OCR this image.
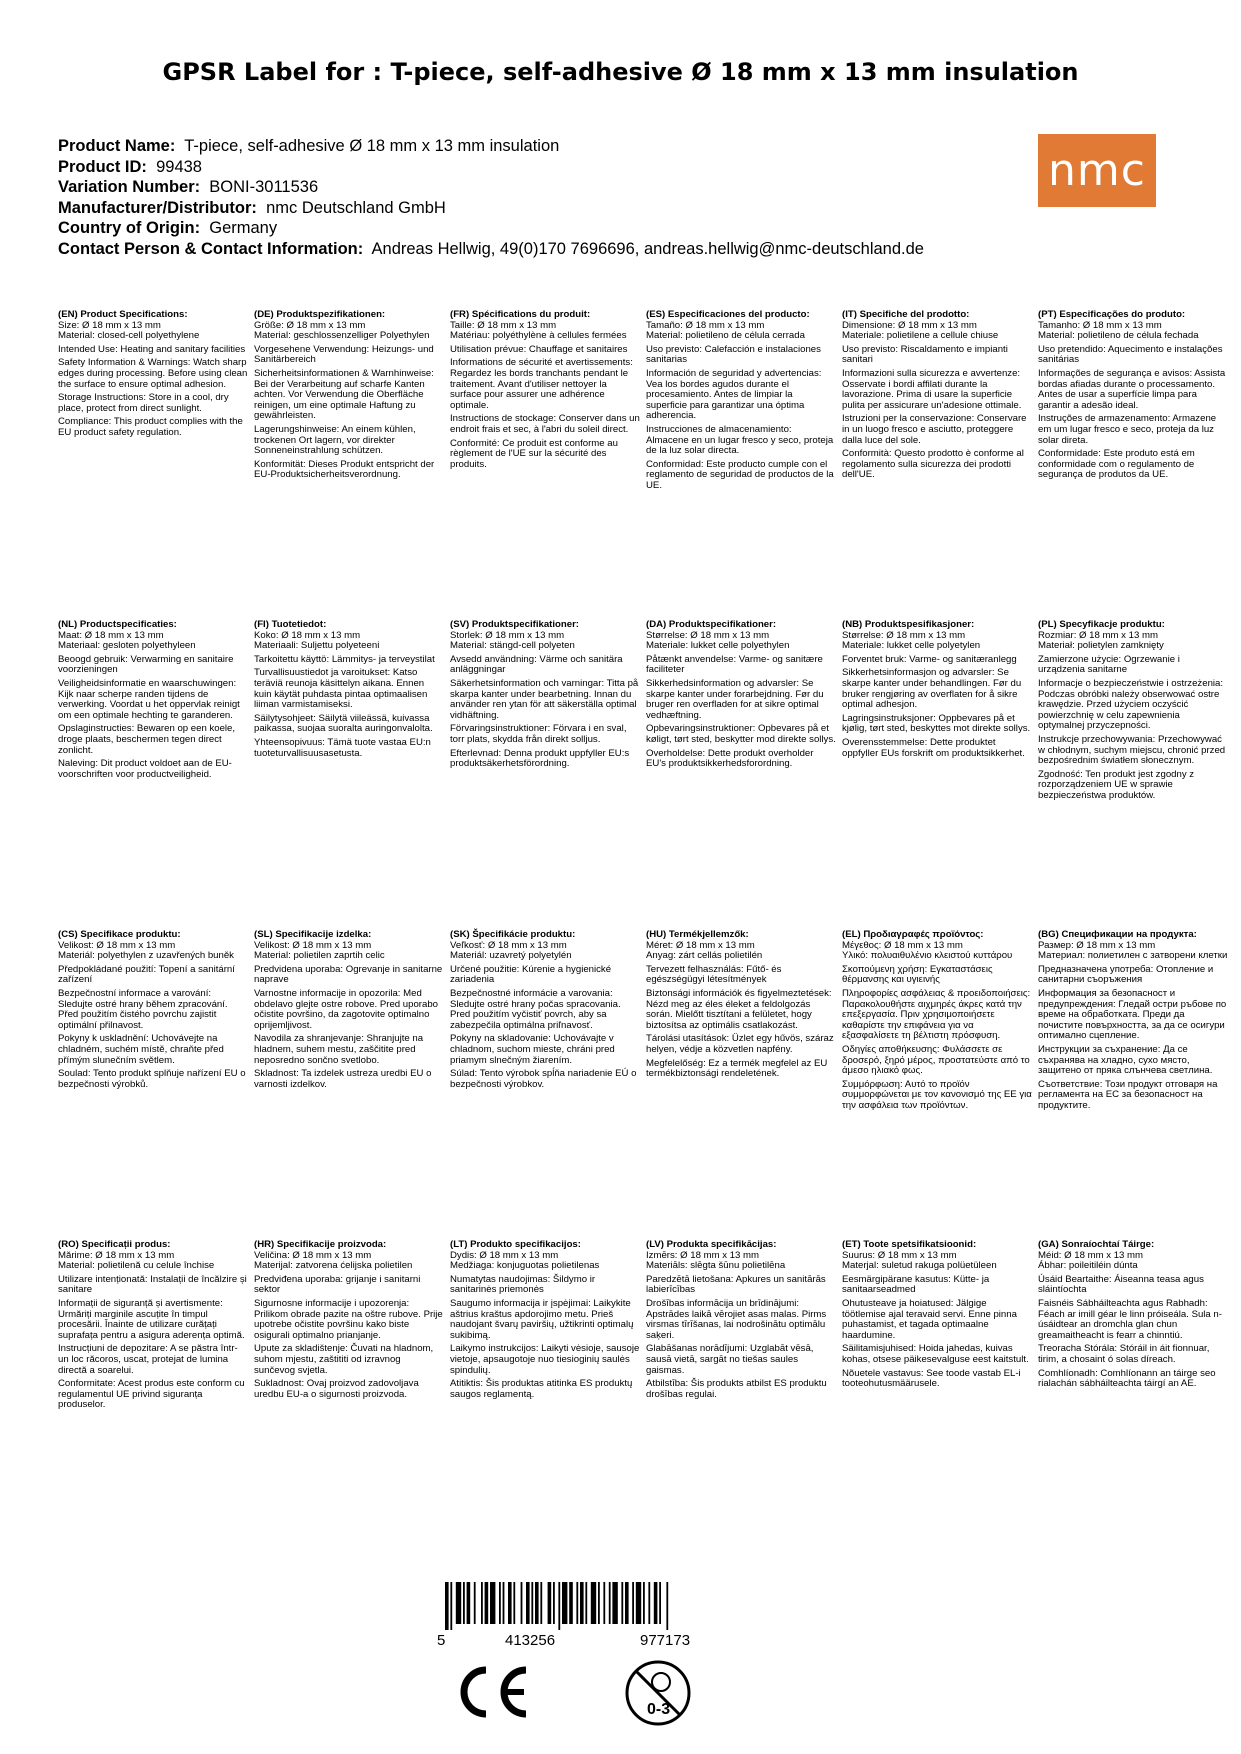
GPSR Label for : T-piece, self-adhesive Ø 18 mm x 13 mm insulation
Product Name: T-piece, self-adhesive Ø 18 mm x 13 mm insulation
Product ID: 99438
Variation Number: BONI-3011536
Manufacturer/Distributor: nmc Deutschland GmbH
Country of Origin: Germany
Contact Person & Contact Information: Andreas Hellwig, 49(0)170 7696696, andreas.hellwig@nmc-deutschland.de
nmc
(EN) Product Specifications:
Size: Ø 18 mm x 13 mm
Material: closed-cell polyethylene
Intended Use: Heating and sanitary facilities
Safety Information & Warnings: Watch sharp edges during processing. Before using clean the surface to ensure optimal adhesion.
Storage Instructions: Store in a cool, dry place, protect from direct sunlight.
Compliance: This product complies with the EU product safety regulation.
(DE) Produktspezifikationen:
Größe: Ø 18 mm x 13 mm
Material: geschlossenzelliger Polyethylen
Vorgesehene Verwendung: Heizungs- und Sanitärbereich
Sicherheitsinformationen & Warnhinweise: Bei der Verarbeitung auf scharfe Kanten achten. Vor Verwendung die Oberfläche reinigen, um eine optimale Haftung zu gewährleisten.
Lagerungshinweise: An einem kühlen, trockenen Ort lagern, vor direkter Sonneneinstrahlung schützen.
Konformität: Dieses Produkt entspricht der EU-Produktsicherheitsverordnung.
(FR) Spécifications du produit:
Taille: Ø 18 mm x 13 mm
Matériau: polyéthylène à cellules fermées
Utilisation prévue: Chauffage et sanitaires
Informations de sécurité et avertissements: Regardez les bords tranchants pendant le traitement. Avant d'utiliser nettoyer la surface pour assurer une adhérence optimale.
Instructions de stockage: Conserver dans un endroit frais et sec, à l'abri du soleil direct.
Conformité: Ce produit est conforme au règlement de l'UE sur la sécurité des produits.
(ES) Especificaciones del producto:
Tamaño: Ø 18 mm x 13 mm
Material: polietileno de célula cerrada
Uso previsto: Calefacción e instalaciones sanitarias
Información de seguridad y advertencias: Vea los bordes agudos durante el procesamiento. Antes de limpiar la superficie para garantizar una óptima adherencia.
Instrucciones de almacenamiento: Almacene en un lugar fresco y seco, proteja de la luz solar directa.
Conformidad: Este producto cumple con el reglamento de seguridad de productos de la UE.
(IT) Specifiche del prodotto:
Dimensione: Ø 18 mm x 13 mm
Materiale: polietilene a cellule chiuse
Uso previsto: Riscaldamento e impianti sanitari
Informazioni sulla sicurezza e avvertenze: Osservate i bordi affilati durante la lavorazione. Prima di usare la superficie pulita per assicurare un'adesione ottimale.
Istruzioni per la conservazione: Conservare in un luogo fresco e asciutto, proteggere dalla luce del sole.
Conformità: Questo prodotto è conforme al regolamento sulla sicurezza dei prodotti dell'UE.
(PT) Especificações do produto:
Tamanho: Ø 18 mm x 13 mm
Material: polietileno de célula fechada
Uso pretendido: Aquecimento e instalações sanitárias
Informações de segurança e avisos: Assista bordas afiadas durante o processamento. Antes de usar a superfície limpa para garantir a adesão ideal.
Instruções de armazenamento: Armazene em um lugar fresco e seco, proteja da luz solar direta.
Conformidade: Este produto está em conformidade com o regulamento de segurança de produtos da UE.
(NL) Productspecificaties:
Maat: Ø 18 mm x 13 mm
Materiaal: gesloten polyethyleen
Beoogd gebruik: Verwarming en sanitaire voorzieningen
Veiligheidsinformatie en waarschuwingen: Kijk naar scherpe randen tijdens de verwerking. Voordat u het oppervlak reinigt om een optimale hechting te garanderen.
Opslaginstructies: Bewaren op een koele, droge plaats, beschermen tegen direct zonlicht.
Naleving: Dit product voldoet aan de EU-voorschriften voor productveiligheid.
(FI) Tuotetiedot:
Koko: Ø 18 mm x 13 mm
Materiaali: Suljettu polyeteeni
Tarkoitettu käyttö: Lämmitys- ja terveystilat
Turvallisuustiedot ja varoitukset: Katso teräviä reunoja käsittelyn aikana. Ennen kuin käytät puhdasta pintaa optimaalisen liiman varmistamiseksi.
Säilytysohjeet: Säilytä viileässä, kuivassa paikassa, suojaa suoralta auringonvalolta.
Yhteensopivuus: Tämä tuote vastaa EU:n tuoteturvallisuusasetusta.
(SV) Produktspecifikationer:
Storlek: Ø 18 mm x 13 mm
Material: stängd-cell polyeten
Avsedd användning: Värme och sanitära anläggningar
Säkerhetsinformation och varningar: Titta på skarpa kanter under bearbetning. Innan du använder ren ytan för att säkerställa optimal vidhäftning.
Förvaringsinstruktioner: Förvara i en sval, torr plats, skydda från direkt solljus.
Efterlevnad: Denna produkt uppfyller EU:s produktsäkerhetsförordning.
(DA) Produktspecifikationer:
Størrelse: Ø 18 mm x 13 mm
Materiale: lukket celle polyethylen
Påtænkt anvendelse: Varme- og sanitære faciliteter
Sikkerhedsinformation og advarsler: Se skarpe kanter under forarbejdning. Før du bruger ren overfladen for at sikre optimal vedhæftning.
Opbevaringsinstruktioner: Opbevares på et køligt, tørt sted, beskytter mod direkte sollys.
Overholdelse: Dette produkt overholder EU's produktsikkerhedsforordning.
(NB) Produktspesifikasjoner:
Størrelse: Ø 18 mm x 13 mm
Materiale: lukket celle polyetylen
Forventet bruk: Varme- og sanitæranlegg
Sikkerhetsinformasjon og advarsler: Se skarpe kanter under behandlingen. Før du bruker rengjøring av overflaten for å sikre optimal adhesjon.
Lagringsinstruksjoner: Oppbevares på et kjølig, tørt sted, beskyttes mot direkte sollys.
Overensstemmelse: Dette produktet oppfyller EUs forskrift om produktsikkerhet.
(PL) Specyfikacje produktu:
Rozmiar: Ø 18 mm x 13 mm
Materiał: polietylen zamknięty
Zamierzone użycie: Ogrzewanie i urządzenia sanitarne
Informacje o bezpieczeństwie i ostrzeżenia: Podczas obróbki należy obserwować ostre krawędzie. Przed użyciem oczyścić powierzchnię w celu zapewnienia optymalnej przyczepności.
Instrukcje przechowywania: Przechowywać w chłodnym, suchym miejscu, chronić przed bezpośrednim światłem słonecznym.
Zgodność: Ten produkt jest zgodny z rozporządzeniem UE w sprawie bezpieczeństwa produktów.
(CS) Specifikace produktu:
Velikost: Ø 18 mm x 13 mm
Materiál: polyethylen z uzavřených buněk
Předpokládané použití: Topení a sanitární zařízení
Bezpečnostní informace a varování: Sledujte ostré hrany během zpracování. Před použitím čistého povrchu zajistit optimální přilnavost.
Pokyny k uskladnění: Uchovávejte na chladném, suchém místě, chraňte před přímým slunečním světlem.
Soulad: Tento produkt splňuje nařízení EU o bezpečnosti výrobků.
(SL) Specifikacije izdelka:
Velikost: Ø 18 mm x 13 mm
Material: polietilen zaprtih celic
Predvidena uporaba: Ogrevanje in sanitarne naprave
Varnostne informacije in opozorila: Med obdelavo glejte ostre robove. Pred uporabo očistite površino, da zagotovite optimalno oprijemljivost.
Navodila za shranjevanje: Shranjujte na hladnem, suhem mestu, zaščitite pred neposredno sončno svetlobo.
Skladnost: Ta izdelek ustreza uredbi EU o varnosti izdelkov.
(SK) Špecifikácie produktu:
Veľkosť: Ø 18 mm x 13 mm
Materiál: uzavretý polyetylén
Určené použitie: Kúrenie a hygienické zariadenia
Bezpečnostné informácie a varovania: Sledujte ostré hrany počas spracovania. Pred použitím vyčistiť povrch, aby sa zabezpečila optimálna priľnavosť.
Pokyny na skladovanie: Uchovávajte v chladnom, suchom mieste, chráni pred priamym slnečným žiarením.
Súlad: Tento výrobok spĺňa nariadenie EÚ o bezpečnosti výrobkov.
(HU) Termékjellemzők:
Méret: Ø 18 mm x 13 mm
Anyag: zárt cellás polietilén
Tervezett felhasználás: Fűtő- és egészségügyi létesítmények
Biztonsági információk és figyelmeztetések: Nézd meg az éles éleket a feldolgozás során. Mielőtt tisztítani a felületet, hogy biztosítsa az optimális csatlakozást.
Tárolási utasítások: Üzlet egy hűvös, száraz helyen, védje a közvetlen napfény.
Megfelelőség: Ez a termék megfelel az EU termékbiztonsági rendeletének.
(EL) Προδιαγραφές προϊόντος:
Μέγεθος: Ø 18 mm x 13 mm
Υλικό: πολυαιθυλένιο κλειστού κυττάρου
Σκοπούμενη χρήση: Εγκαταστάσεις θέρμανσης και υγιεινής
Πληροφορίες ασφάλειας & προειδοποιήσεις: Παρακολουθήστε αιχμηρές άκρες κατά την επεξεργασία. Πριν χρησιμοποιήσετε καθαρίστε την επιφάνεια για να εξασφαλίσετε τη βέλτιστη πρόσφυση.
Οδηγίες αποθήκευσης: Φυλάσσετε σε δροσερό, ξηρό μέρος, προστατεύστε από το άμεσο ηλιακό φως.
Συμμόρφωση: Αυτό το προϊόν συμμορφώνεται με τον κανονισμό της ΕΕ για την ασφάλεια των προϊόντων.
(BG) Спецификации на продукта:
Размер: Ø 18 mm x 13 mm
Материал: полиетилен с затворени клетки
Предназначена употреба: Отопление и санитарни съоръжения
Информация за безопасност и предупреждения: Гледай остри ръбове по време на обработката. Преди да почистите повърхността, за да се осигури оптимално сцепление.
Инструкции за съхранение: Да се съхранява на хладно, сухо място, защитено от пряка слънчева светлина.
Съответствие: Този продукт отговаря на регламента на ЕС за безопасност на продуктите.
(RO) Specificații produs:
Mărime: Ø 18 mm x 13 mm
Material: polietilenă cu celule închise
Utilizare intenționată: Instalații de încălzire și sanitare
Informații de siguranță și avertismente: Urmăriți marginile ascuțite în timpul procesării. Înainte de utilizare curățați suprafața pentru a asigura aderența optimă.
Instrucțiuni de depozitare: A se păstra într-un loc răcoros, uscat, protejat de lumina directă a soarelui.
Conformitate: Acest produs este conform cu regulamentul UE privind siguranța produselor.
(HR) Specifikacije proizvoda:
Veličina: Ø 18 mm x 13 mm
Materijal: zatvorena ćelijska polietilen
Predviđena uporaba: grijanje i sanitarni sektor
Sigurnosne informacije i upozorenja: Prilikom obrade pazite na oštre rubove. Prije upotrebe očistite površinu kako biste osigurali optimalno prianjanje.
Upute za skladištenje: Čuvati na hladnom, suhom mjestu, zaštititi od izravnog sunčevog svjetla.
Sukladnost: Ovaj proizvod zadovoljava uredbu EU-a o sigurnosti proizvoda.
(LT) Produkto specifikacijos:
Dydis: Ø 18 mm x 13 mm
Medžiaga: konjuguotas polietilenas
Numatytas naudojimas: Šildymo ir sanitarinės priemonės
Saugumo informacija ir įspėjimai: Laikykite aštrius kraštus apdorojimo metu. Prieš naudojant švarų paviršių, užtikrinti optimalų sukibimą.
Laikymo instrukcijos: Laikyti vėsioje, sausoje vietoje, apsaugotoje nuo tiesioginių saulės spindulių.
Atitiktis: Šis produktas atitinka ES produktų saugos reglamentą.
(LV) Produkta specifikācijas:
Izmērs: Ø 18 mm x 13 mm
Materiāls: slēgta šūnu polietilēna
Paredzētā lietošana: Apkures un sanitārās labierīcības
Drošības informācija un brīdinājumi: Apstrādes laikā vērojiet asas malas. Pirms virsmas tīrīšanas, lai nodrošinātu optimālu saķeri.
Glabāšanas norādījumi: Uzglabāt vēsā, sausā vietā, sargāt no tiešas saules gaismas.
Atbilstība: Šis produkts atbilst ES produktu drošības regulai.
(ET) Toote spetsifikatsioonid:
Suurus: Ø 18 mm x 13 mm
Materjal: suletud rakuga polüetüleen
Eesmärgipärane kasutus: Kütte- ja sanitaarseadmed
Ohutusteave ja hoiatused: Jälgige töötlemise ajal teravaid servi. Enne pinna puhastamist, et tagada optimaalne haardumine.
Säilitamisjuhised: Hoida jahedas, kuivas kohas, otsese päikesevalguse eest kaitstult.
Nõuetele vastavus: See toode vastab EL-i tooteohutusmäärusele.
(GA) Sonraíochtaí Táirge:
Méid: Ø 18 mm x 13 mm
Ábhar: poileitiléin dúnta
Úsáid Beartaithe: Áiseanna teasa agus sláintíochta
Faisnéis Sábháilteachta agus Rabhadh: Féach ar imill géar le linn próiseála. Sula n-úsáidtear an dromchla glan chun greamaitheacht is fearr a chinntiú.
Treoracha Stórála: Stóráil in áit fionnuar, tirim, a chosaint ó solas díreach.
Comhlíonadh: Comhlíonann an táirge seo rialachán sábháilteachta táirgí an AE.
5	413256	977173
0-3
